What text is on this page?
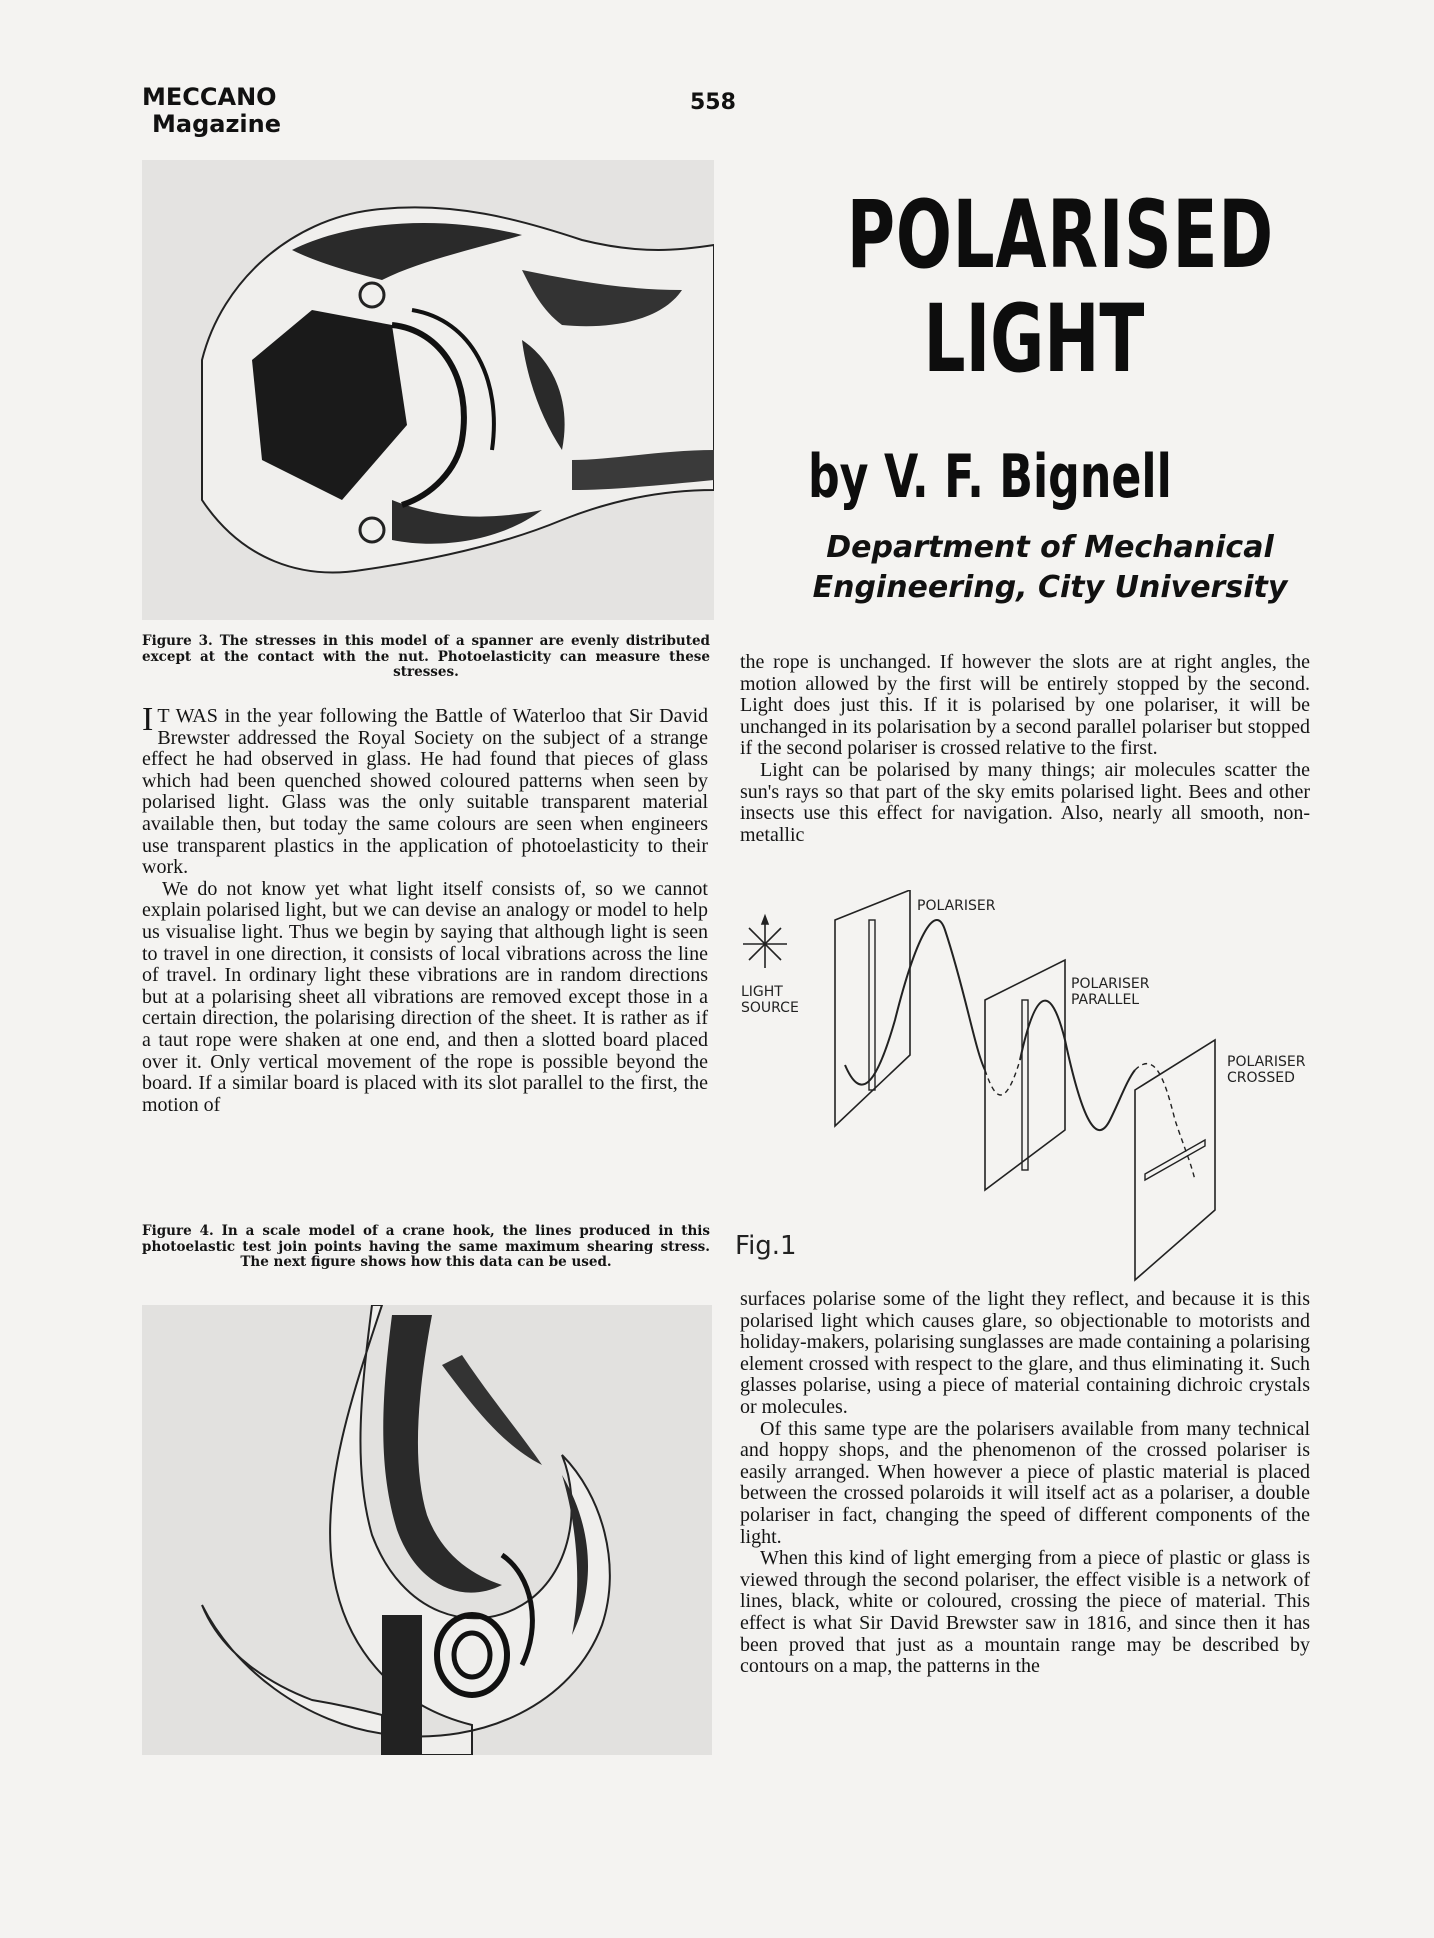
MECCANO
Magazine
558
Figure 3. The stresses in this model of a spanner are evenly distributed except at the contact with the nut. Photoelasticity can measure these stresses.

I T WAS in the year following the Battle of Waterloo that Sir David Brewster addressed the Royal Society on the subject of a strange effect he had observed in glass. He had found that pieces of glass which had been quenched showed coloured patterns when seen by polarised light. Glass was the only suitable transparent material available then, but today the same colours are seen when engineers use transparent plastics in the application of photoelasticity to their work.

We do not know yet what light itself consists of, so we cannot explain polarised light, but we can devise an analogy or model to help us visualise light. Thus we begin by saying that although light is seen to travel in one direction, it consists of local vibrations across the line of travel. In ordinary light these vibrations are in random directions but at a polarising sheet all vibrations are removed except those in a certain direction, the polarising direction of the sheet. It is rather as if a taut rope were shaken at one end, and then a slotted board placed over it. Only vertical movement of the rope is possible beyond the board. If a similar board is placed with its slot parallel to the first, the motion of

Figure 4. In a scale model of a crane hook, the lines produced in this photoelastic test join points having the same maximum shearing stress. The next figure shows how this data can be used.
POLARISED
LIGHT
by V. F. Bignell
Department of Mechanical
Engineering, City University

the rope is unchanged. If however the slots are at right angles, the motion allowed by the first will be entirely stopped by the second. Light does just this. If it is polarised by one polariser, it will be unchanged in its polarisation by a second parallel polariser but stopped if the second polariser is crossed relative to the first.

Light can be polarised by many things; air molecules scatter the sun's rays so that part of the sky emits polarised light. Bees and other insects use this effect for navigation. Also, nearly all smooth, non-metallic

LIGHT
SOURCE
POLARISER
POLARISER
PARALLEL
POLARISER
CROSSED
Fig.1

surfaces polarise some of the light they reflect, and because it is this polarised light which causes glare, so objectionable to motorists and holiday-makers, polarising sunglasses are made containing a polarising element crossed with respect to the glare, and thus eliminating it. Such glasses polarise, using a piece of material containing dichroic crystals or molecules.

Of this same type are the polarisers available from many technical and hoppy shops, and the phenomenon of the crossed polariser is easily arranged. When however a piece of plastic material is placed between the crossed polaroids it will itself act as a polariser, a double polariser in fact, changing the speed of different components of the light.

When this kind of light emerging from a piece of plastic or glass is viewed through the second polariser, the effect visible is a network of lines, black, white or coloured, crossing the piece of material. This effect is what Sir David Brewster saw in 1816, and since then it has been proved that just as a mountain range may be described by contours on a map, the patterns in the
